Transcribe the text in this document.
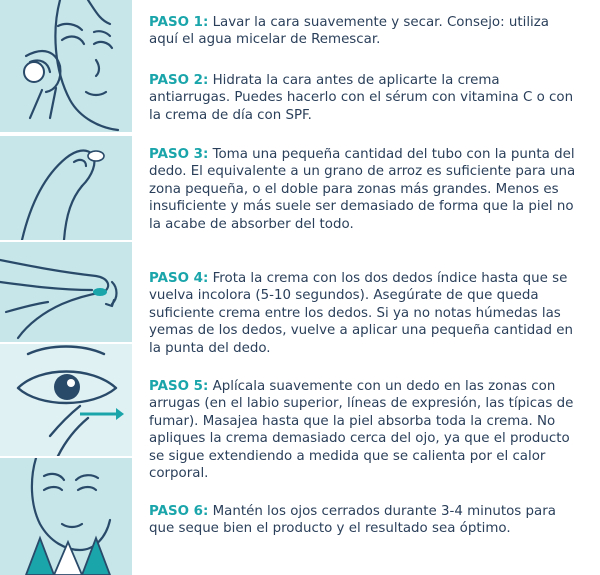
PASO 1: Lavar la cara suavemente y secar. Consejo: utiliza aquí el agua micelar de Remescar.
PASO 2: Hidrata la cara antes de aplicarte la crema antiarrugas. Puedes hacerlo con el sérum con vitamina C o con la crema de día con SPF.
PASO 3: Toma una pequeña cantidad del tubo con la punta del dedo. El equivalente a un grano de arroz es suficiente para una zona pequeña, o el doble para zonas más grandes. Menos es insuficiente y más suele ser demasiado de forma que la piel no la acabe de absorber del todo.
PASO 4: Frota la crema con los dos dedos índice hasta que se vuelva incolora (5-10 segundos). Asegúrate de que queda suficiente crema entre los dedos. Si ya no notas húmedas las yemas de los dedos, vuelve a aplicar una pequeña cantidad en la punta del dedo.
PASO 5: Aplícala suavemente con un dedo en las zonas con arrugas (en el labio superior, líneas de expresión, las típicas de fumar). Masajea hasta que la piel absorba toda la crema. No apliques la crema demasiado cerca del ojo, ya que el producto se sigue extendiendo a medida que se calienta por el calor corporal.
PASO 6: Mantén los ojos cerrados durante 3-4 minutos para que seque bien el producto y el resultado sea óptimo.
